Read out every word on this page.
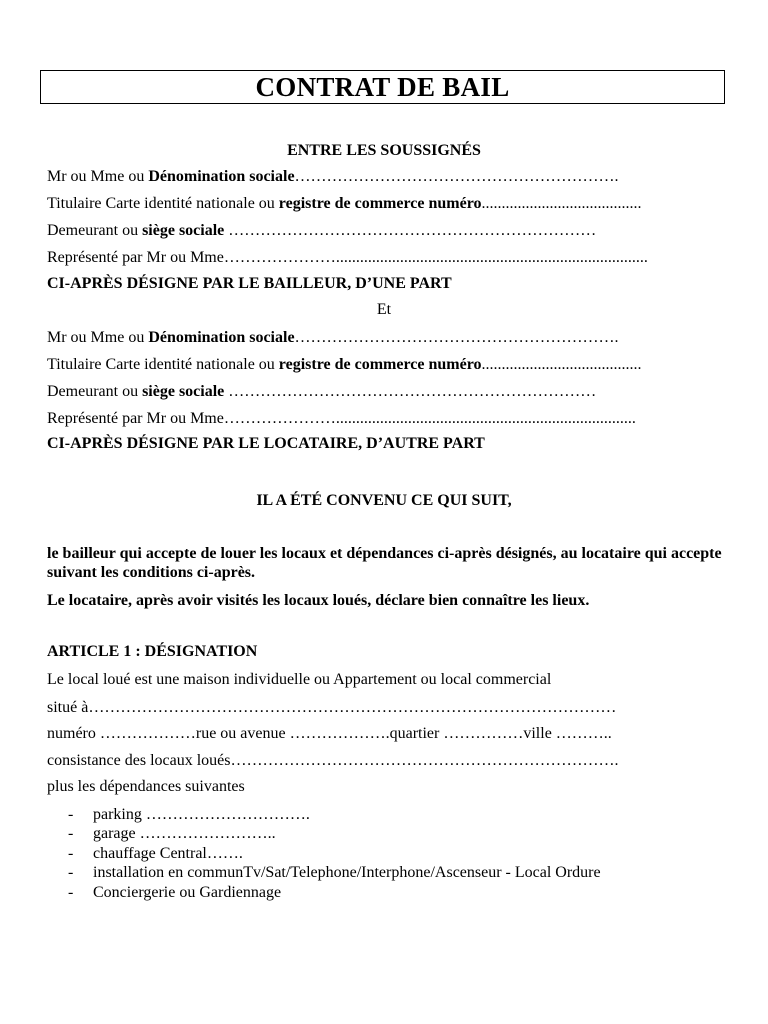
CONTRAT DE BAIL
ENTRE LES SOUSSIGNÉS
Mr ou Mme ou Dénomination sociale…………………………………………………….
Titulaire Carte identité nationale ou registre de commerce numéro........................................
Demeurant ou siège sociale ……………………………………………………………
Représenté par Mr ou Mme…………………..............................................................................
CI-APRÈS DÉSIGNE PAR LE BAILLEUR, D’UNE PART
Et
Mr ou Mme ou Dénomination sociale…………………………………………………….
Titulaire Carte identité nationale ou registre de commerce numéro........................................
Demeurant ou siège sociale ……………………………………………………………
Représenté par Mr ou Mme…………………...........................................................................
CI-APRÈS DÉSIGNE PAR LE LOCATAIRE, D’AUTRE PART
IL A ÉTÉ CONVENU CE QUI SUIT,
le bailleur qui accepte de louer les locaux et dépendances ci-après désignés, au locataire qui accepte suivant les conditions ci-après.
Le locataire, après avoir visités les locaux loués, déclare bien connaître les lieux.
ARTICLE 1 : DÉSIGNATION
Le local loué est une maison individuelle ou Appartement ou local commercial
situé à………………………………………………………………………………………
numéro ………………rue ou avenue ……………….quartier ……………ville ………..
consistance des locaux loués……………………………………………………………….
plus les dépendances suivantes
- parking ………………………….
- garage ……………………..
- chauffage Central…….
- installation en communTv/Sat/Telephone/Interphone/Ascenseur - Local Ordure
- Conciergerie ou Gardiennage
